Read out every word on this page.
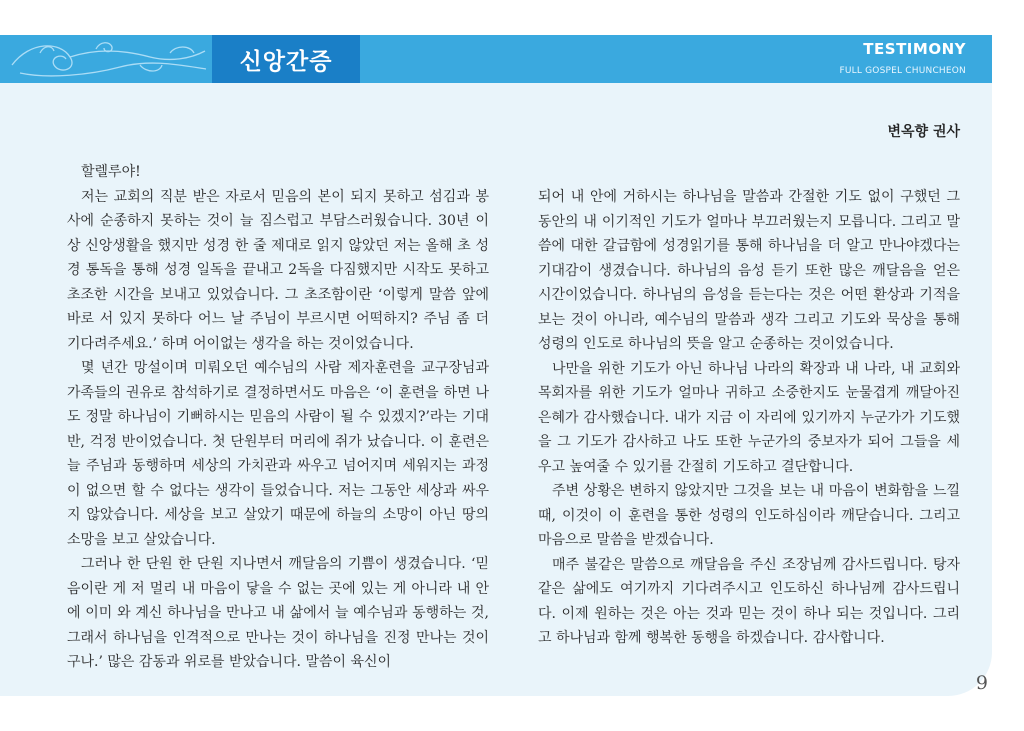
신앙간증	TESTIMONY
FULL GOSPEL CHUNCHEON
변옥향 권사

할렐루야!

저는 교회의 직분 받은 자로서 믿음의 본이 되지 못하고 섬김과 봉사에 순종하지 못하는 것이 늘 짐스럽고 부담스러웠습니다. 30년 이상 신앙생활을 했지만 성경 한 줄 제대로 읽지 않았던 저는 올해 초 성경 통독을 통해 성경 일독을 끝내고 2독을 다짐했지만 시작도 못하고 초조한 시간을 보내고 있었습니다. 그 초조함이란 ‘이렇게 말씀 앞에 바로 서 있지 못하다 어느 날 주님이 부르시면 어떡하지? 주님 좀 더 기다려주세요.’ 하며 어이없는 생각을 하는 것이었습니다.

몇 년간 망설이며 미뤄오던 예수님의 사람 제자훈련을 교구장님과 가족들의 권유로 참석하기로 결정하면서도 마음은 ‘이 훈련을 하면 나도 정말 하나님이 기뻐하시는 믿음의 사람이 될 수 있겠지?’라는 기대 반, 걱정 반이었습니다. 첫 단원부터 머리에 쥐가 났습니다. 이 훈련은 늘 주님과 동행하며 세상의 가치관과 싸우고 넘어지며 세워지는 과정이 없으면 할 수 없다는 생각이 들었습니다. 저는 그동안 세상과 싸우지 않았습니다. 세상을 보고 살았기 때문에 하늘의 소망이 아닌 땅의 소망을 보고 살았습니다.

그러나 한 단원 한 단원 지나면서 깨달음의 기쁨이 생겼습니다. ‘믿음이란 게 저 멀리 내 마음이 닿을 수 없는 곳에 있는 게 아니라 내 안에 이미 와 계신 하나님을 만나고 내 삶에서 늘 예수님과 동행하는 것, 그래서 하나님을 인격적으로 만나는 것이 하나님을 진정 만나는 것이구나.’ 많은 감동과 위로를 받았습니다. 말씀이 육신이

되어 내 안에 거하시는 하나님을 말씀과 간절한 기도 없이 구했던 그동안의 내 이기적인 기도가 얼마나 부끄러웠는지 모릅니다. 그리고 말씀에 대한 갈급함에 성경읽기를 통해 하나님을 더 알고 만나야겠다는 기대감이 생겼습니다. 하나님의 음성 듣기 또한 많은 깨달음을 얻은 시간이었습니다. 하나님의 음성을 듣는다는 것은 어떤 환상과 기적을 보는 것이 아니라, 예수님의 말씀과 생각 그리고 기도와 묵상을 통해 성령의 인도로 하나님의 뜻을 알고 순종하는 것이었습니다.

나만을 위한 기도가 아닌 하나님 나라의 확장과 내 나라, 내 교회와 목회자를 위한 기도가 얼마나 귀하고 소중한지도 눈물겹게 깨달아진 은혜가 감사했습니다. 내가 지금 이 자리에 있기까지 누군가가 기도했을 그 기도가 감사하고 나도 또한 누군가의 중보자가 되어 그들을 세우고 높여줄 수 있기를 간절히 기도하고 결단합니다.

주변 상황은 변하지 않았지만 그것을 보는 내 마음이 변화함을 느낄 때, 이것이 이 훈련을 통한 성령의 인도하심이라 깨닫습니다. 그리고 마음으로 말씀을 받겠습니다.

매주 불같은 말씀으로 깨달음을 주신 조장님께 감사드립니다. 탕자 같은 삶에도 여기까지 기다려주시고 인도하신 하나님께 감사드립니다. 이제 원하는 것은 아는 것과 믿는 것이 하나 되는 것입니다. 그리고 하나님과 함께 행복한 동행을 하겠습니다. 감사합니다.

9
